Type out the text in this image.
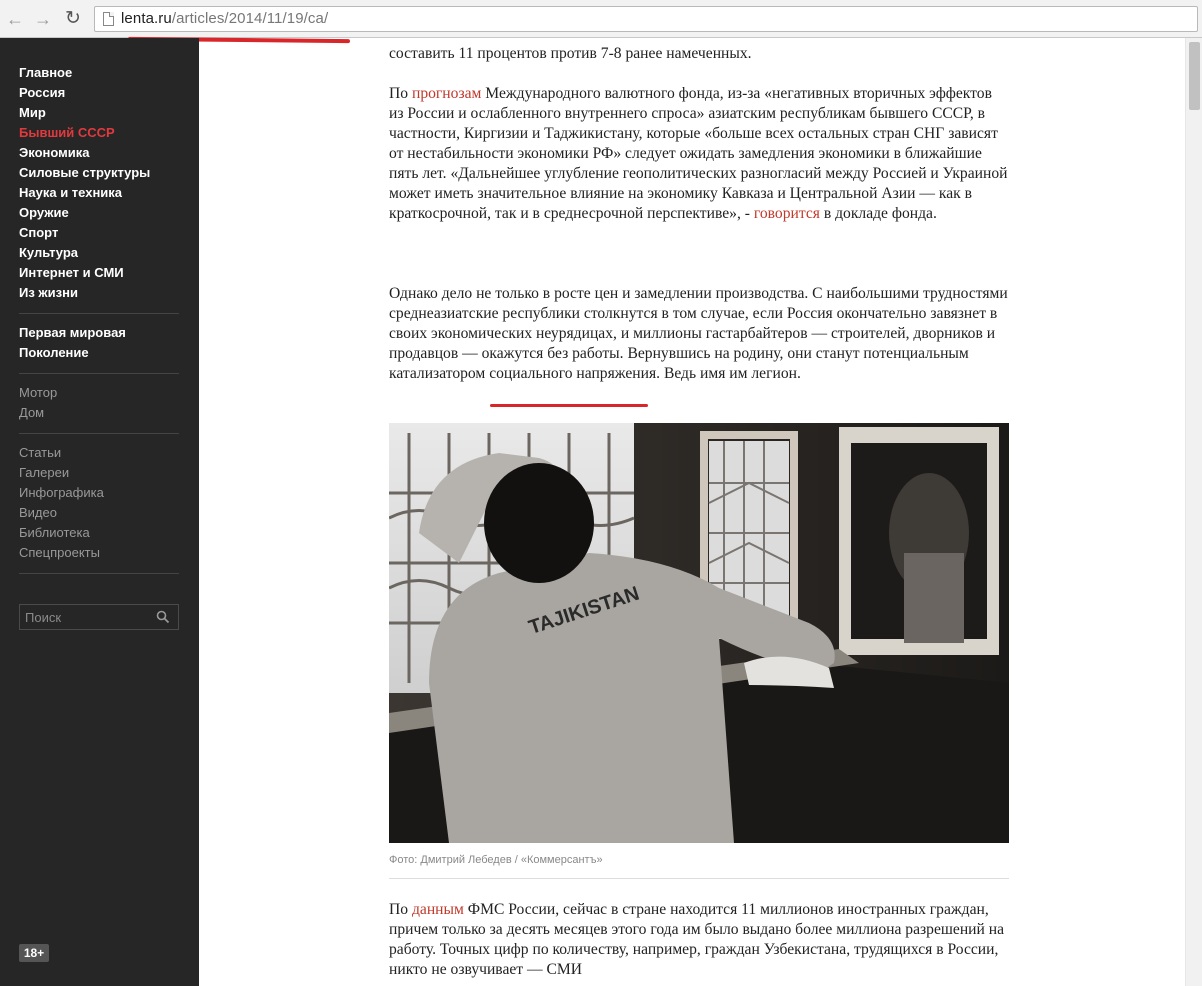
← → ↻	lenta.ru/articles/2014/11/19/ca/
Главное
Россия
Мир
Бывший СССР
Экономика
Силовые структуры
Наука и техника
Оружие
Спорт
Культура
Интернет и СМИ
Из жизни
Первая мировая
Поколение
Мотор
Дом
Статьи
Галереи
Инфографика
Видео
Библиотека
Спецпроекты
Поиск
18+

составить 11 процентов против 7-8 ранее намеченных.

По прогнозам Международного валютного фонда, из-за «негативных вторичных эффектов из России и ослабленного внутреннего спроса» азиатским республикам бывшего СССР, в частности, Киргизии и Таджикистану, которые «больше всех остальных стран СНГ зависят от нестабильности экономики РФ» следует ожидать замедления экономики в ближайшие пять лет. «Дальнейшее углубление геополитических разногласий между Россией и Украиной может иметь значительное влияние на экономику Кавказа и Центральной Азии — как в краткосрочной, так и в среднесрочной перспективе», - говорится в докладе фонда.

Однако дело не только в росте цен и замедлении производства. С наибольшими трудностями среднеазиатские республики столкнутся в том случае, если Россия окончательно завязнет в своих экономических неурядицах, и миллионы гастарбайтеров — строителей, дворников и продавцов — окажутся без работы. Вернувшись на родину, они станут потенциальным катализатором социального напряжения. Ведь имя им легион.

TAJIKISTAN
Фото: Дмитрий Лебедев / «Коммерсантъ»

По данным ФМС России, сейчас в стране находится 11 миллионов иностранных граждан, причем только за десять месяцев этого года им было выдано более миллиона разрешений на работу. Точных цифр по количеству, например, граждан Узбекистана, трудящихся в России, никто не озвучивает — СМИ
